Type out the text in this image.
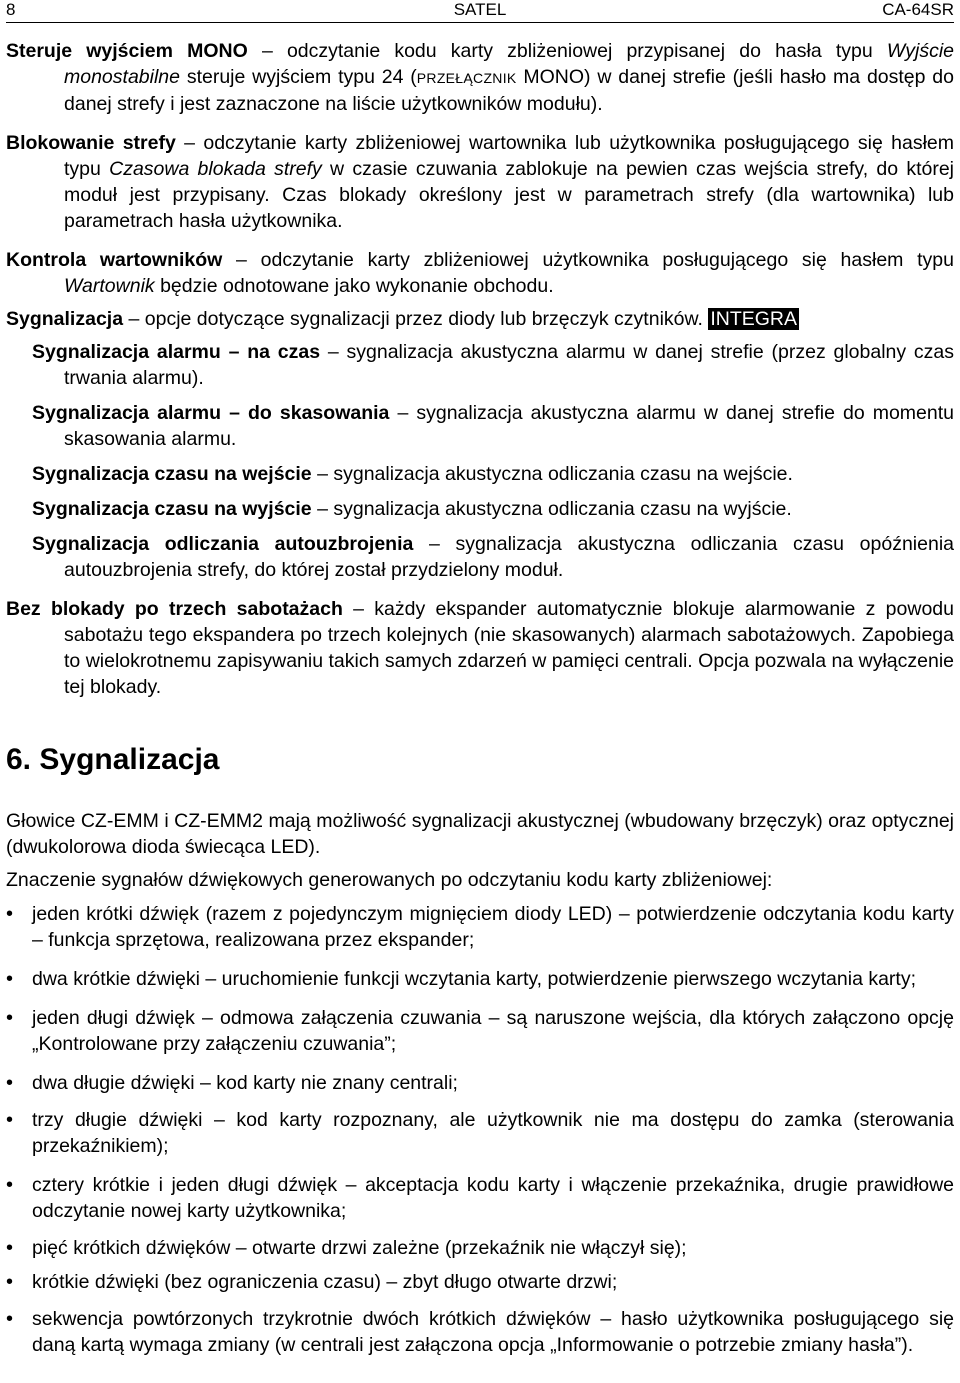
8	SATEL	CA-64SR

Steruje wyjściem MONO – odczytanie kodu karty zbliżeniowej przypisanej do hasła typu Wyjście monostabilne steruje wyjściem typu 24 (PRZEŁĄCZNIK MONO) w danej strefie (jeśli hasło ma dostęp do danej strefy i jest zaznaczone na liście użytkowników modułu).

Blokowanie strefy – odczytanie karty zbliżeniowej wartownika lub użytkownika posługującego się hasłem typu Czasowa blokada strefy w czasie czuwania zablokuje na pewien czas wejścia strefy, do której moduł jest przypisany. Czas blokady określony jest w parametrach strefy (dla wartownika) lub parametrach hasła użytkownika.

Kontrola wartowników – odczytanie karty zbliżeniowej użytkownika posługującego się hasłem typu Wartownik będzie odnotowane jako wykonanie obchodu.

Sygnalizacja – opcje dotyczące sygnalizacji przez diody lub brzęczyk czytników. INTEGRA

Sygnalizacja alarmu – na czas – sygnalizacja akustyczna alarmu w danej strefie (przez globalny czas trwania alarmu).

Sygnalizacja alarmu – do skasowania – sygnalizacja akustyczna alarmu w danej strefie do momentu skasowania alarmu.

Sygnalizacja czasu na wejście – sygnalizacja akustyczna odliczania czasu na wejście.

Sygnalizacja czasu na wyjście – sygnalizacja akustyczna odliczania czasu na wyjście.

Sygnalizacja odliczania autouzbrojenia – sygnalizacja akustyczna odliczania czasu opóźnienia autouzbrojenia strefy, do której został przydzielony moduł.

Bez blokady po trzech sabotażach – każdy ekspander automatycznie blokuje alarmowanie z powodu sabotażu tego ekspandera po trzech kolejnych (nie skasowanych) alarmach sabotażowych. Zapobiega to wielokrotnemu zapisywaniu takich samych zdarzeń w pamięci centrali. Opcja pozwala na wyłączenie tej blokady.

6. Sygnalizacja

Głowice CZ-EMM i CZ-EMM2 mają możliwość sygnalizacji akustycznej (wbudowany brzęczyk) oraz optycznej (dwukolorowa dioda świecąca LED).

Znaczenie sygnałów dźwiękowych generowanych po odczytaniu kodu karty zbliżeniowej:

• jeden krótki dźwięk (razem z pojedynczym mignięciem diody LED) – potwierdzenie odczytania kodu karty – funkcja sprzętowa, realizowana przez ekspander;
• dwa krótkie dźwięki – uruchomienie funkcji wczytania karty, potwierdzenie pierwszego wczytania karty;
• jeden długi dźwięk – odmowa załączenia czuwania – są naruszone wejścia, dla których załączono opcję „Kontrolowane przy załączeniu czuwania”;
• dwa długie dźwięki – kod karty nie znany centrali;
• trzy długie dźwięki – kod karty rozpoznany, ale użytkownik nie ma dostępu do zamka (sterowania przekaźnikiem);
• cztery krótkie i jeden długi dźwięk – akceptacja kodu karty i włączenie przekaźnika, drugie prawidłowe odczytanie nowej karty użytkownika;
• pięć krótkich dźwięków – otwarte drzwi zależne (przekaźnik nie włączył się);
• krótkie dźwięki (bez ograniczenia czasu) – zbyt długo otwarte drzwi;
• sekwencja powtórzonych trzykrotnie dwóch krótkich dźwięków – hasło użytkownika posługującego się daną kartą wymaga zmiany (w centrali jest załączona opcja „Informowanie o potrzebie zmiany hasła”).
